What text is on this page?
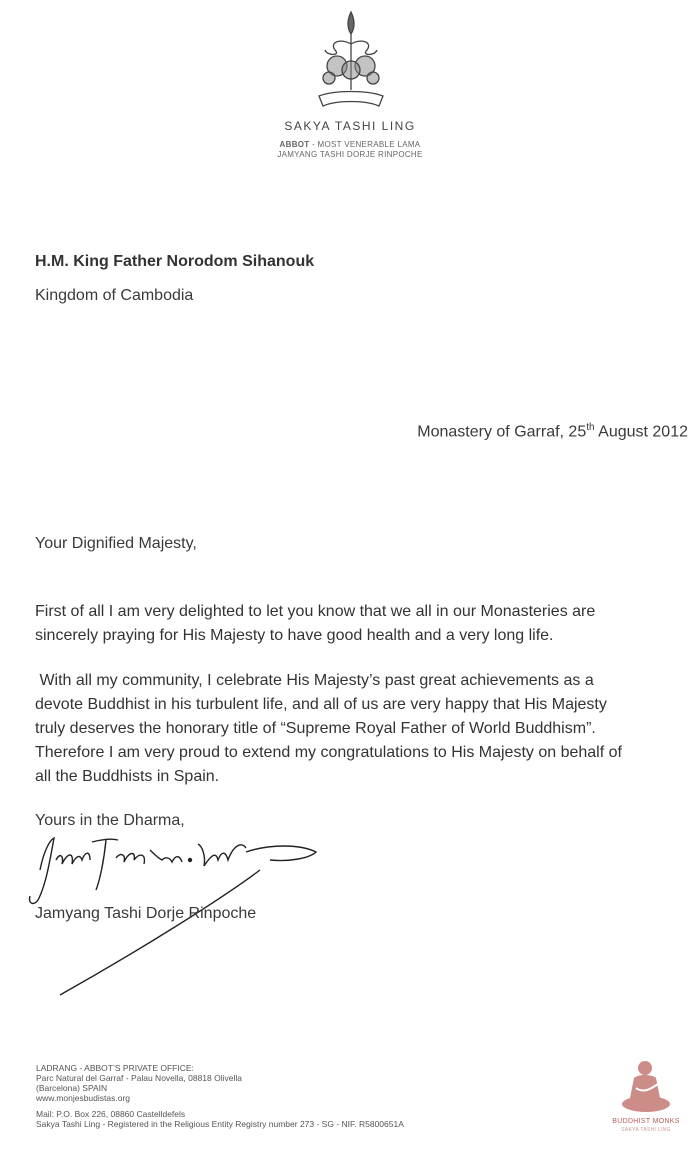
SAKYA TASHI LING
ABBOT - MOST VENERABLE LAMA
JAMYANG TASHI DORJE RINPOCHE
H.M. King Father Norodom Sihanouk
Kingdom of Cambodia
Monastery of Garraf, 25th August 2012
Your Dignified Majesty,
First of all I am very delighted to let you know that we all in our Monasteries are
sincerely praying for His Majesty to have good health and a very long life.
With all my community, I celebrate His Majesty’s past great achievements as a
devote Buddhist in his turbulent life, and all of us are very happy that His Majesty
truly deserves the honorary title of “Supreme Royal Father of World Buddhism”.
Therefore I am very proud to extend my congratulations to His Majesty on behalf of
all the Buddhists in Spain.
Yours in the Dharma,
Jamyang Tashi Dorje Rinpoche
LADRANG - ABBOT’S PRIVATE OFFICE:
Parc Natural del Garraf - Palau Novella, 08818 Olivella
(Barcelona) SPAIN
www.monjesbudistas.org
Mail: P.O. Box 226, 08860 Castelldefels
Sakya Tashi Ling - Registered in the Religious Entity Registry number 273 - SG - NIF. R5800651A	BUDDHIST MONKS
SAKYA TASHI LING
